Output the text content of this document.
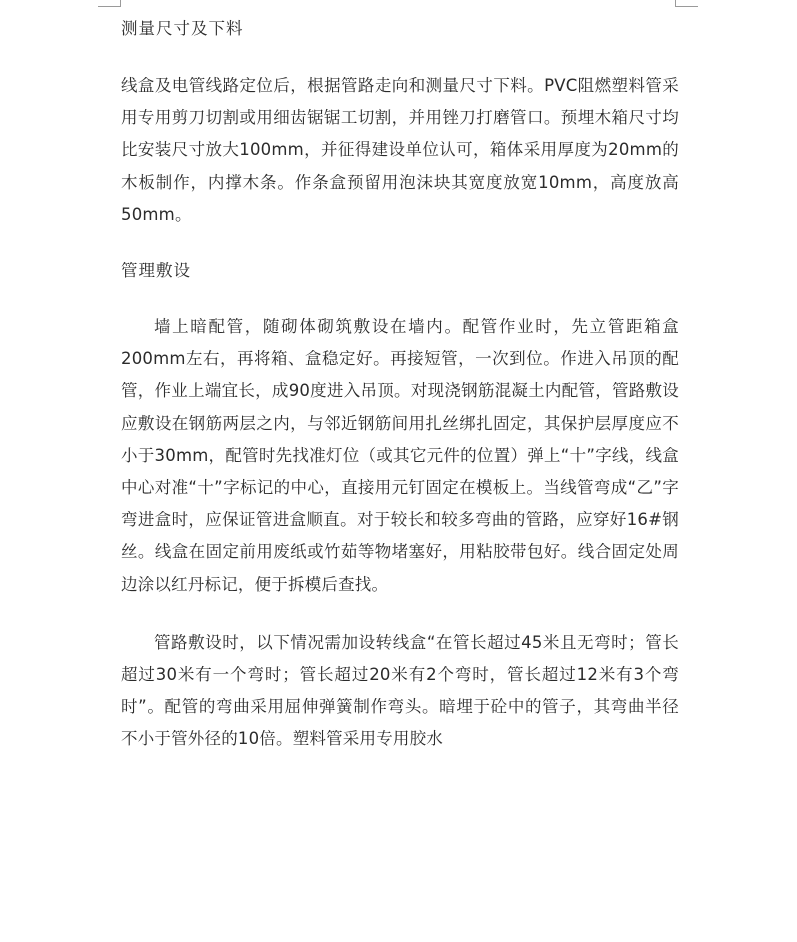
测量尺寸及下料

线盒及电管线路定位后，根据管路走向和测量尺寸下料。PVC阻燃塑料管采用专用剪刀切割或用细齿锯锯工切割，并用锉刀打磨管口。预埋木箱尺寸均比安装尺寸放大100mm，并征得建设单位认可，箱体采用厚度为20mm的木板制作，内撑木条。作条盒预留用泡沫块其宽度放宽10mm，高度放高50mm。

管理敷设

墙上暗配管，随砌体砌筑敷设在墙内。配管作业时，先立管距箱盒200mm左右，再将箱、盒稳定好。再接短管，一次到位。作进入吊顶的配管，作业上端宜长，成90度进入吊顶。对现浇钢筋混凝土内配管，管路敷设应敷设在钢筋两层之内，与邻近钢筋间用扎丝绑扎固定，其保护层厚度应不小于30mm，配管时先找准灯位（或其它元件的位置）弹上“十”字线，线盒中心对准“十”字标记的中心，直接用元钉固定在模板上。当线管弯成“乙”字弯进盒时，应保证管进盒顺直。对于较长和较多弯曲的管路，应穿好16#钢丝。线盒在固定前用废纸或竹茹等物堵塞好，用粘胶带包好。线合固定处周边涂以红丹标记，便于拆模后查找。

管路敷设时，以下情况需加设转线盒“在管长超过45米且无弯时；管长超过30米有一个弯时；管长超过20米有2个弯时，管长超过12米有3个弯时”。配管的弯曲采用屈伸弹簧制作弯头。暗埋于砼中的管子，其弯曲半径不小于管外径的10倍。塑料管采用专用胶水
